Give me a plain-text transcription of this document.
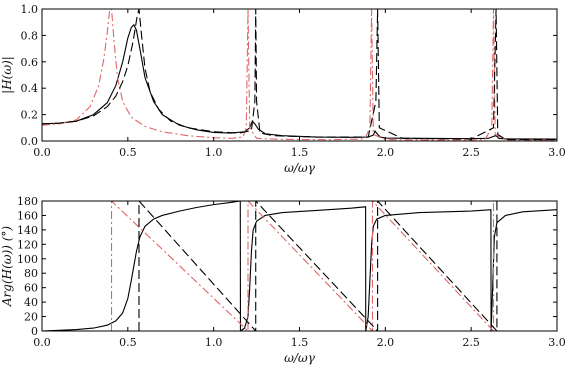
0.0	0.5	1.0	1.5	2.0	2.5	3.0
0.0
0.2
0.4
0.6
0.8
1.0
ω/ωγ
|H(ω)|
0.0	0.5	1.0	1.5	2.0	2.5	3.0
0
20
40
60
80
100
120
140
160
180
ω/ωγ
Arg(H(ω)) (°)
